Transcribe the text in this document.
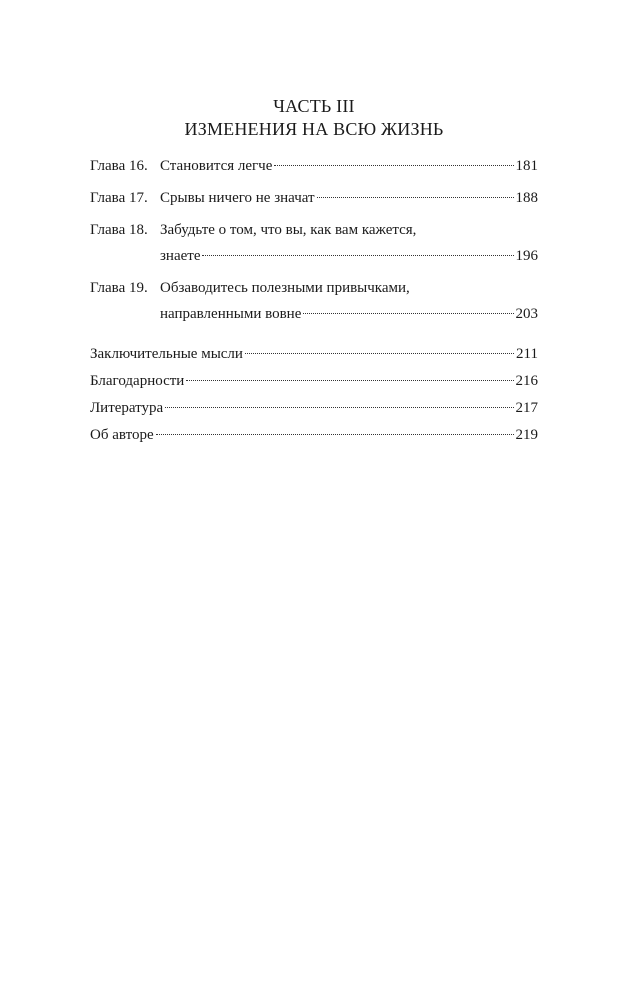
ЧАСТЬ III
ИЗМЕНЕНИЯ НА ВСЮ ЖИЗНЬ
Глава 16. Становится легче	181
Глава 17. Срывы ничего не значат	188
Глава 18. Забудьте о том, что вы, как вам кажется,
знаете	196
Глава 19. Обзаводитесь полезными привычками,
направленными вовне	203
Заключительные мысли	211
Благодарности	216
Литература	217
Об авторе	219
